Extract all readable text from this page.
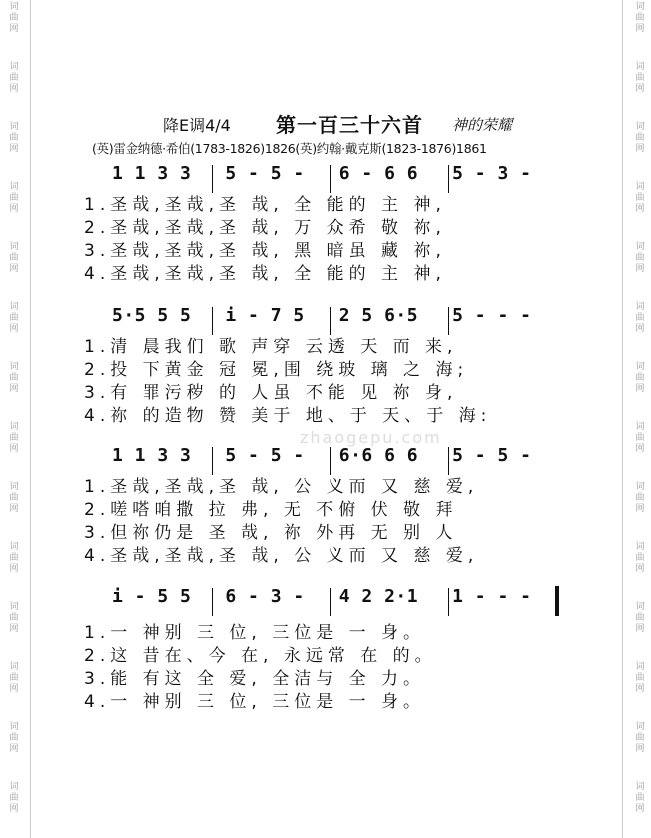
词曲网
词曲网
词曲网
词曲网
词曲网
词曲网
词曲网
词曲网
词曲网
词曲网
词曲网
词曲网
词曲网
词曲网
词曲网
词曲网
词曲网
词曲网
词曲网
词曲网
词曲网
词曲网
词曲网
词曲网
词曲网
词曲网
词曲网
词曲网
降E调4/4 第一百三十六首 神的荣耀
(英)雷金纳德·希伯(1783-1826)1826(英)约翰·戴克斯(1823-1876)1861
zhaogepu.com
1 1 3 3   5 - 5 -   6 - 6 6   5 - 3 -
1.圣哉,圣哉,圣 哉, 全 能的 主 神,
2.圣哉,圣哉,圣 哉, 万 众希 敬 祢,
3.圣哉,圣哉,圣 哉, 黑 暗虽 藏 祢,
4.圣哉,圣哉,圣 哉, 全 能的 主 神,
5·5 5 5   i - 7 5   2 5 6·5   5 - - -
1.清 晨我们 歌 声穿 云透 天 而 来,
2.投 下黄金 冠 冕,围 绕玻 璃 之 海;
3.有 罪污秽 的 人虽 不能 见 祢 身,
4.祢 的造物 赞 美于 地、于 天、于 海:
1 1 3 3   5 - 5 -   6·6 6 6   5 - 5 -
1.圣哉,圣哉,圣 哉, 公 义而 又 慈 爱,
2.嗟嗒咱撒 拉 弗, 无 不俯 伏 敬 拜
3.但祢仍是 圣 哉, 祢 外再 无 别 人
4.圣哉,圣哉,圣 哉, 公 义而 又 慈 爱,
i - 5 5   6 - 3 -   4 2 2·1   1 - - -
1.一 神别 三 位, 三位是 一 身。
2.这 昔在、今 在, 永远常 在 的。
3.能 有这 全 爱, 全洁与 全 力。
4.一 神别 三 位, 三位是 一 身。
